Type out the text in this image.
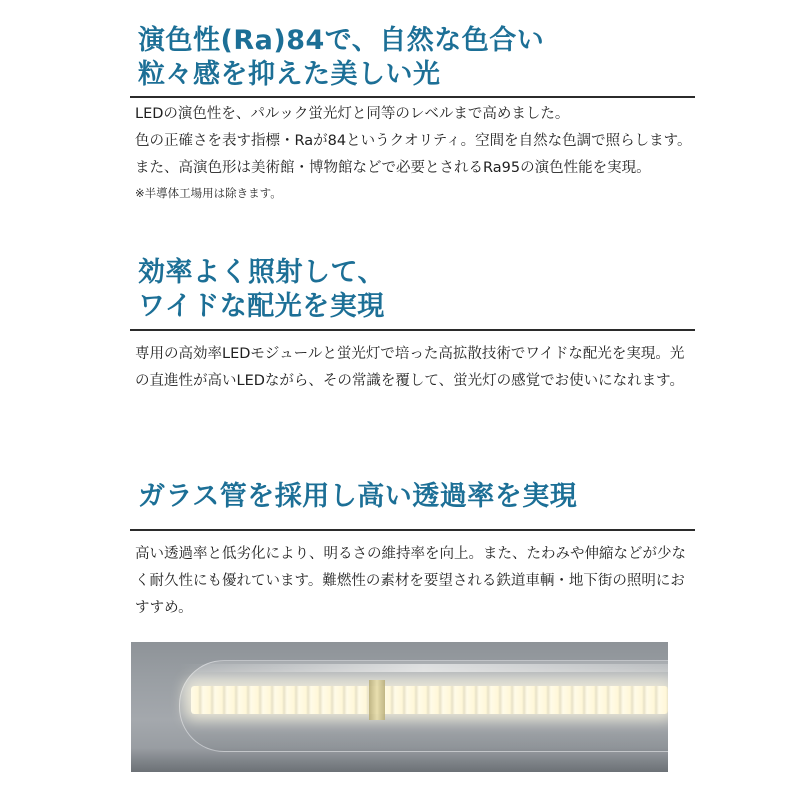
演色性(Ra)84で、自然な色合い
粒々感を抑えた美しい光

LEDの演色性を、パルック蛍光灯と同等のレベルまで高めました。

色の正確さを表す指標・Raが84というクオリティ。空間を自然な色調で照らします。

また、高演色形は美術館・博物館などで必要とされるRa95の演色性能を実現。

※半導体工場用は除きます。

効率よく照射して、
ワイドな配光を実現

専用の高効率LEDモジュールと蛍光灯で培った高拡散技術でワイドな配光を実現。光の直進性が高いLEDながら、その常識を覆して、蛍光灯の感覚でお使いになれます。

ガラス管を採用し高い透過率を実現

高い透過率と低劣化により、明るさの維持率を向上。また、たわみや伸縮などが少なく耐久性にも優れています。難燃性の素材を要望される鉄道車輌・地下街の照明におすすめ。
